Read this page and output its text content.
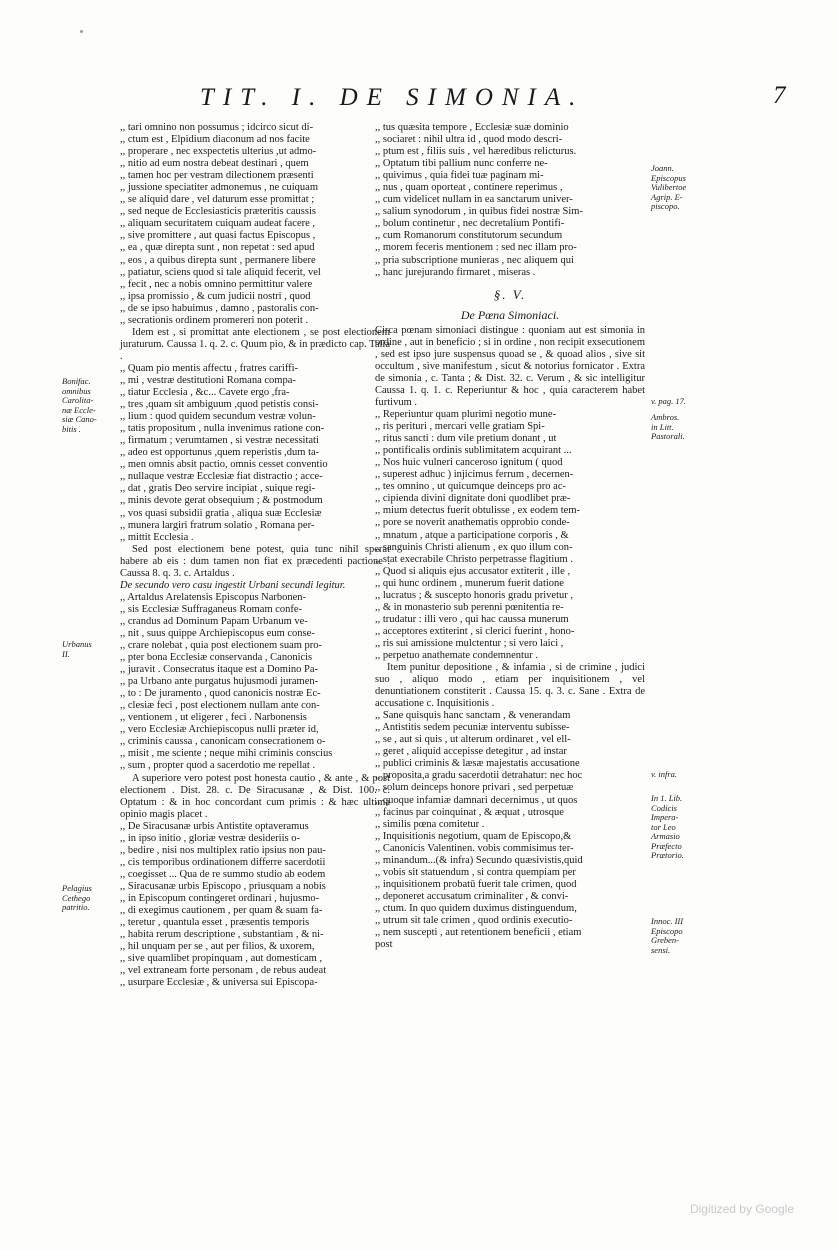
TIT. I. DE SIMONIA.	7

,, tari omnino non possumus ; idcirco sicut di-
,, ctum est , Elpidium diaconum ad nos facite
,, properare , nec exspectetis ulterius ,ut admo-
,, nitio ad eum nostra debeat destinari , quem
,, tamen hoc per vestram dilectionem præsenti
,, jussione speciatiter admonemus , ne cuiquam
,, se aliquid dare , vel daturum esse promittat ;
,, sed neque de Ecclesiasticis præteritis caussis
,, aliquam securitatem cuiquam audeat facere ,
,, sive promittere , aut quasi factus Episcopus ,
,, ea , quæ direpta sunt , non repetat : sed apud
,, eos , a quibus direpta sunt , permanere libere
,, patiatur, sciens quod si tale aliquid fecerit, vel
,, fecit , nec a nobis omnino permittitur valere
,, ipsa promissio , & cum judicii nostri , quod
,, de se ipso habuimus , damno , pastoralis con-
,, secrationis ordinem promereri non poterit .

Idem est , si promittat ante electionem , se post electionem juraturum. Caussa 1. q. 2. c. Quum pio, & in prædicto cap. Talia .

,, Quam pio mentis affectu , fratres cariffi-
,, mi , vestræ destitutioni Romana compa-
,, tiatur Ecclesia , &c... Cavete ergo ,fra-
,, tres ,quam sit ambiguum ,quod petistis consi-
,, lium : quod quidem secundum vestræ volun-
,, tatis propositum , nulla invenimus ratione con-
,, firmatum ; verumtamen , si vestræ necessitati
,, adeo est opportunus ,quem reperistis ,dum ta-
,, men omnis absit pactio, omnis cesset conventio
,, nullaque vestræ Ecclesiæ fiat distractio ; acce-
,, dat , gratis Deo servire incipiat , suique regi-
,, minis devote gerat obsequium ; & postmodum
,, vos quasi subsidii gratia , aliqua suæ Ecclesiæ
,, munera largiri fratrum solatio , Romana per-
,, mittit Ecclesia .

Sed post electionem bene potest, quia tunc nihil sperat habere ab eis : dum tamen non fiat ex præcedenti pactione . Caussa 8. q. 3. c. Artaldus .

De secundo vero casu ingestit Urbani secundi legitur.

,, Artaldus Arelatensis Episcopus Narbonen-
,, sis Ecclesiæ Suffraganeus Romam confe-
,, crandus ad Dominum Papam Urbanum ve-
,, nit , suus quippe Archiepiscopus eum conse-
,, crare nolebat , quia post electionem suam pro-
,, pter bona Ecclesiæ conservanda , Canonicis
,, juravit . Consecratus itaque est a Domino Pa-
,, pa Urbano ante purgatus hujusmodi juramen-
,, to : De juramento , quod canonicis nostræ Ec-
,, clesiæ feci , post electionem nullam ante con-
,, ventionem , ut eligerer , feci . Narbonensis
,, vero Ecclesiæ Archiepiscopus nulli præter id,
,, criminis caussa , canonicam consecrationem o-
,, misit , me sciente ; neque mihi criminis conscius
,, sum , propter quod a sacerdotio me repellat .

A superiore vero potest post honesta cautio , & ante , & post electionem . Dist. 28. c. De Siracusanæ , & Dist. 100. c. Optatum : & in hoc concordant cum primis : & hæc ultima opinio magis placet .

,, De Siracusanæ urbis Antistite optaveramus
,, in ipso initio , gloriæ vestræ desideriis o-
,, bedire , nisi nos multiplex ratio ipsius non pau-
,, cis temporibus ordinationem differre sacerdotii
,, coegisset ... Qua de re summo studio ab eodem
,, Siracusanæ urbis Episcopo , priusquam a nobis
,, in Episcopum contingeret ordinari , hujusmo-
,, di exegimus cautionem , per quam & suam fa-
,, teretur , quantula esset , præsentis temporis
,, habita rerum descriptione , substantiam , & ni-
,, hil unquam per se , aut per filios, & uxorem,
,, sive quamlibet propinquam , aut domesticam ,
,, vel extraneam forte personam , de rebus audeat
,, usurpare Ecclesiæ , & universa sui Episcopa-

,, tus quæsita tempore , Ecclesiæ suæ dominio
,, sociaret : nihil ultra id , quod modo descri-
,, ptum est , filiis suis , vel hæredibus relicturus.
,, Optatum tibi pallium nunc conferre ne-
,, quivimus , quia fidei tuæ paginam mi-
,, nus , quam oporteat , continere reperimus ,
,, cum videlicet nullam in ea sanctarum univer-
,, salium synodorum , in quibus fidei nostræ Sim-
,, bolum continetur , nec decretalium Pontifi-
,, cum Romanorum constitutorum secundum
,, morem feceris mentionem : sed nec illam pro-
,, pria subscriptione munieras , nec aliquem qui
,, hanc jurejurando firmaret , miseras .

§. V.
De Pœna Simoniaci.

Circa pœnam simoniaci distingue : quoniam aut est simonia in ordine , aut in beneficio ; si in ordine , non recipit exsecutionem , sed est ipso jure suspensus quoad se , & quoad alios , sive sit occultum , sive manifestum , sicut & notorius fornicator . Extra de simonia , c. Tanta ; & Dist. 32. c. Verum , & sic intelligitur Caussa 1. q. 1. c. Reperiuntur & hoc , quia caracterem habet furtivum .

,, Reperiuntur quam plurimi negotio mune-
,, ris perituri , mercari velle gratiam Spi-
,, ritus sancti : dum vile pretium donant , ut
,, pontificalis ordinis sublimitatem acquirant ...
,, Nos huic vulneri canceroso ignitum ( quod
,, superest adhuc ) injicimus ferrum , decernen-
,, tes omnino , ut quicumque deinceps pro ac-
,, cipienda divini dignitate doni quodlibet præ-
,, mium detectus fuerit obtulisse , ex eodem tem-
,, pore se noverit anathematis opprobio conde-
,, mnatum , atque a participatione corporis , &
,, sanguinis Christi alienum , ex quo illum con-
,, stat execrabile Christo perpetrasse flagitium .
,, Quod si aliquis ejus accusator extiterit , ille ,
,, qui hunc ordinem , munerum fuerit datione
,, lucratus ; & suscepto honoris gradu privetur ,
,, & in monasterio sub perenni pœnitentia re-
,, trudatur : illi vero , qui hac caussa munerum
,, acceptores extiterint , si clerici fuerint , hono-
,, ris sui amissione mulctentur ; si vero laici ,
,, perpetuo anathemate condemnentur .

Item punitur depositione , & infamia , si de crimine , judici suo , aliquo modo , etiam per inquisitionem , vel denuntiationem constiterit . Caussa 15. q. 3. c. Sane . Extra de accusatione c. Inquisitionis .

,, Sane quisquis hanc sanctam , & venerandam
,, Antistitis sedem pecuniæ interventu subisse-
,, se , aut si quis , ut alterum ordinaret , vel ell-
,, geret , aliquid accepisse detegitur , ad instar
,, publici criminis & læsæ majestatis accusatione
,, proposita,a gradu sacerdotii detrahatur: nec hoc
,, solum deinceps honore privari , sed perpetuæ
,, quoque infamiæ damnari decernimus , ut quos
,, facinus par coinquinat , & æquat , utrosque
,, similis pœna comitetur .

,, Inquisitionis negotium, quam de Episcopo,&
,, Canonicis Valentinen. vobis commisimus ter-
,, minandum...(& infra) Secundo quæsivistis,quid
,, vobis sit statuendum , si contra quempiam per
,, inquisitionem probatū fuerit tale crimen, quod
,, deponeret accusatum criminaliter , & convi-
,, ctum. In quo quidem duximus distinguendum,
,, utrum sit tale crimen , quod ordinis executio-
,, nem suscepti , aut retentionem beneficii , etiam
post

Bonifac.
omnibus
Carolita-
næ Eccle-
siæ Cano-
bitis .
Urbanus
II.
Pelagius
Cethego
patritio.
Joann.
Episcopus
Vulibertoe
Agrip. E-
piscopo.
v. pag. 17.
Ambros.
in Litt.
Pastorali.
v. infra.
In 1. Lib.
Codicis
Impera-
tor Leo
Armasio
Præfecto
Prætorio.
Innoc. III
Episcopo
Greben-
sensi.
Digitized by Google
